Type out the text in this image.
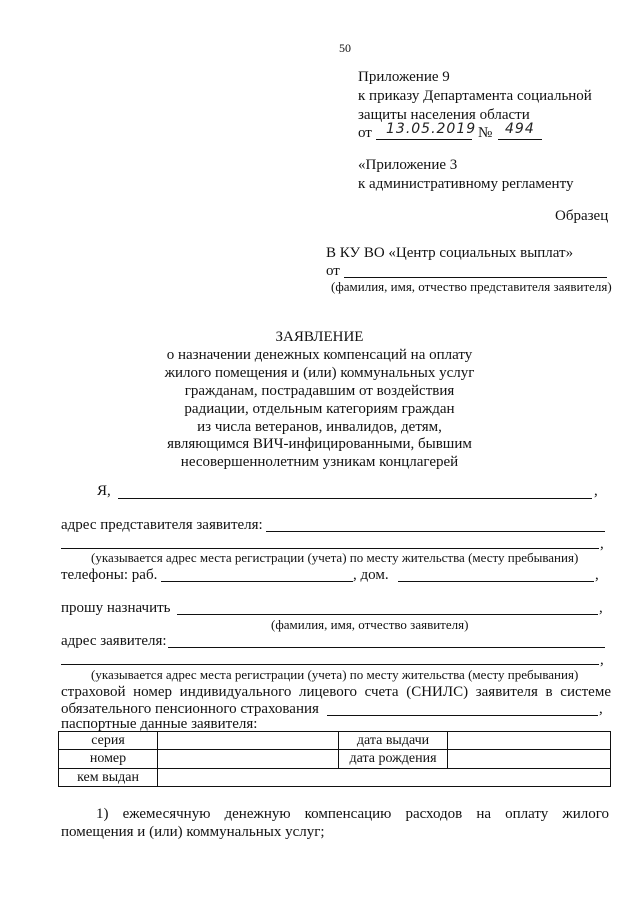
50
Приложение 9
к приказу Департамента социальной
защиты населения области
от 13.05.2019 № 494
«Приложение 3
к административному регламенту
Образец
В КУ ВО «Центр социальных выплат»
от
(фамилия, имя, отчество представителя заявителя)
ЗАЯВЛЕНИЕ
о назначении денежных компенсаций на оплату
жилого помещения и (или) коммунальных услуг
гражданам, пострадавшим от воздействия
радиации, отдельным категориям граждан
из числа ветеранов, инвалидов, детям,
являющимся ВИЧ-инфицированными, бывшим
несовершеннолетним узникам концлагерей
Я,	,
адрес представителя заявителя:
,
(указывается адрес места регистрации (учета) по месту жительства (месту пребывания)
телефоны: раб.	, дом.	,
прошу назначить	,
(фамилия, имя, отчество заявителя)
адрес заявителя:
,
(указывается адрес места регистрации (учета) по месту жительства (месту пребывания)
страховой номер индивидуального лицевого счета (СНИЛС) заявителя в системе
обязательного пенсионного страхования	,
паспортные данные заявителя:
серия		дата выдачи	
номер		дата рождения	
кем выдан			
1) ежемесячную денежную компенсацию расходов на оплату жилого
помещения и (или) коммунальных услуг;
